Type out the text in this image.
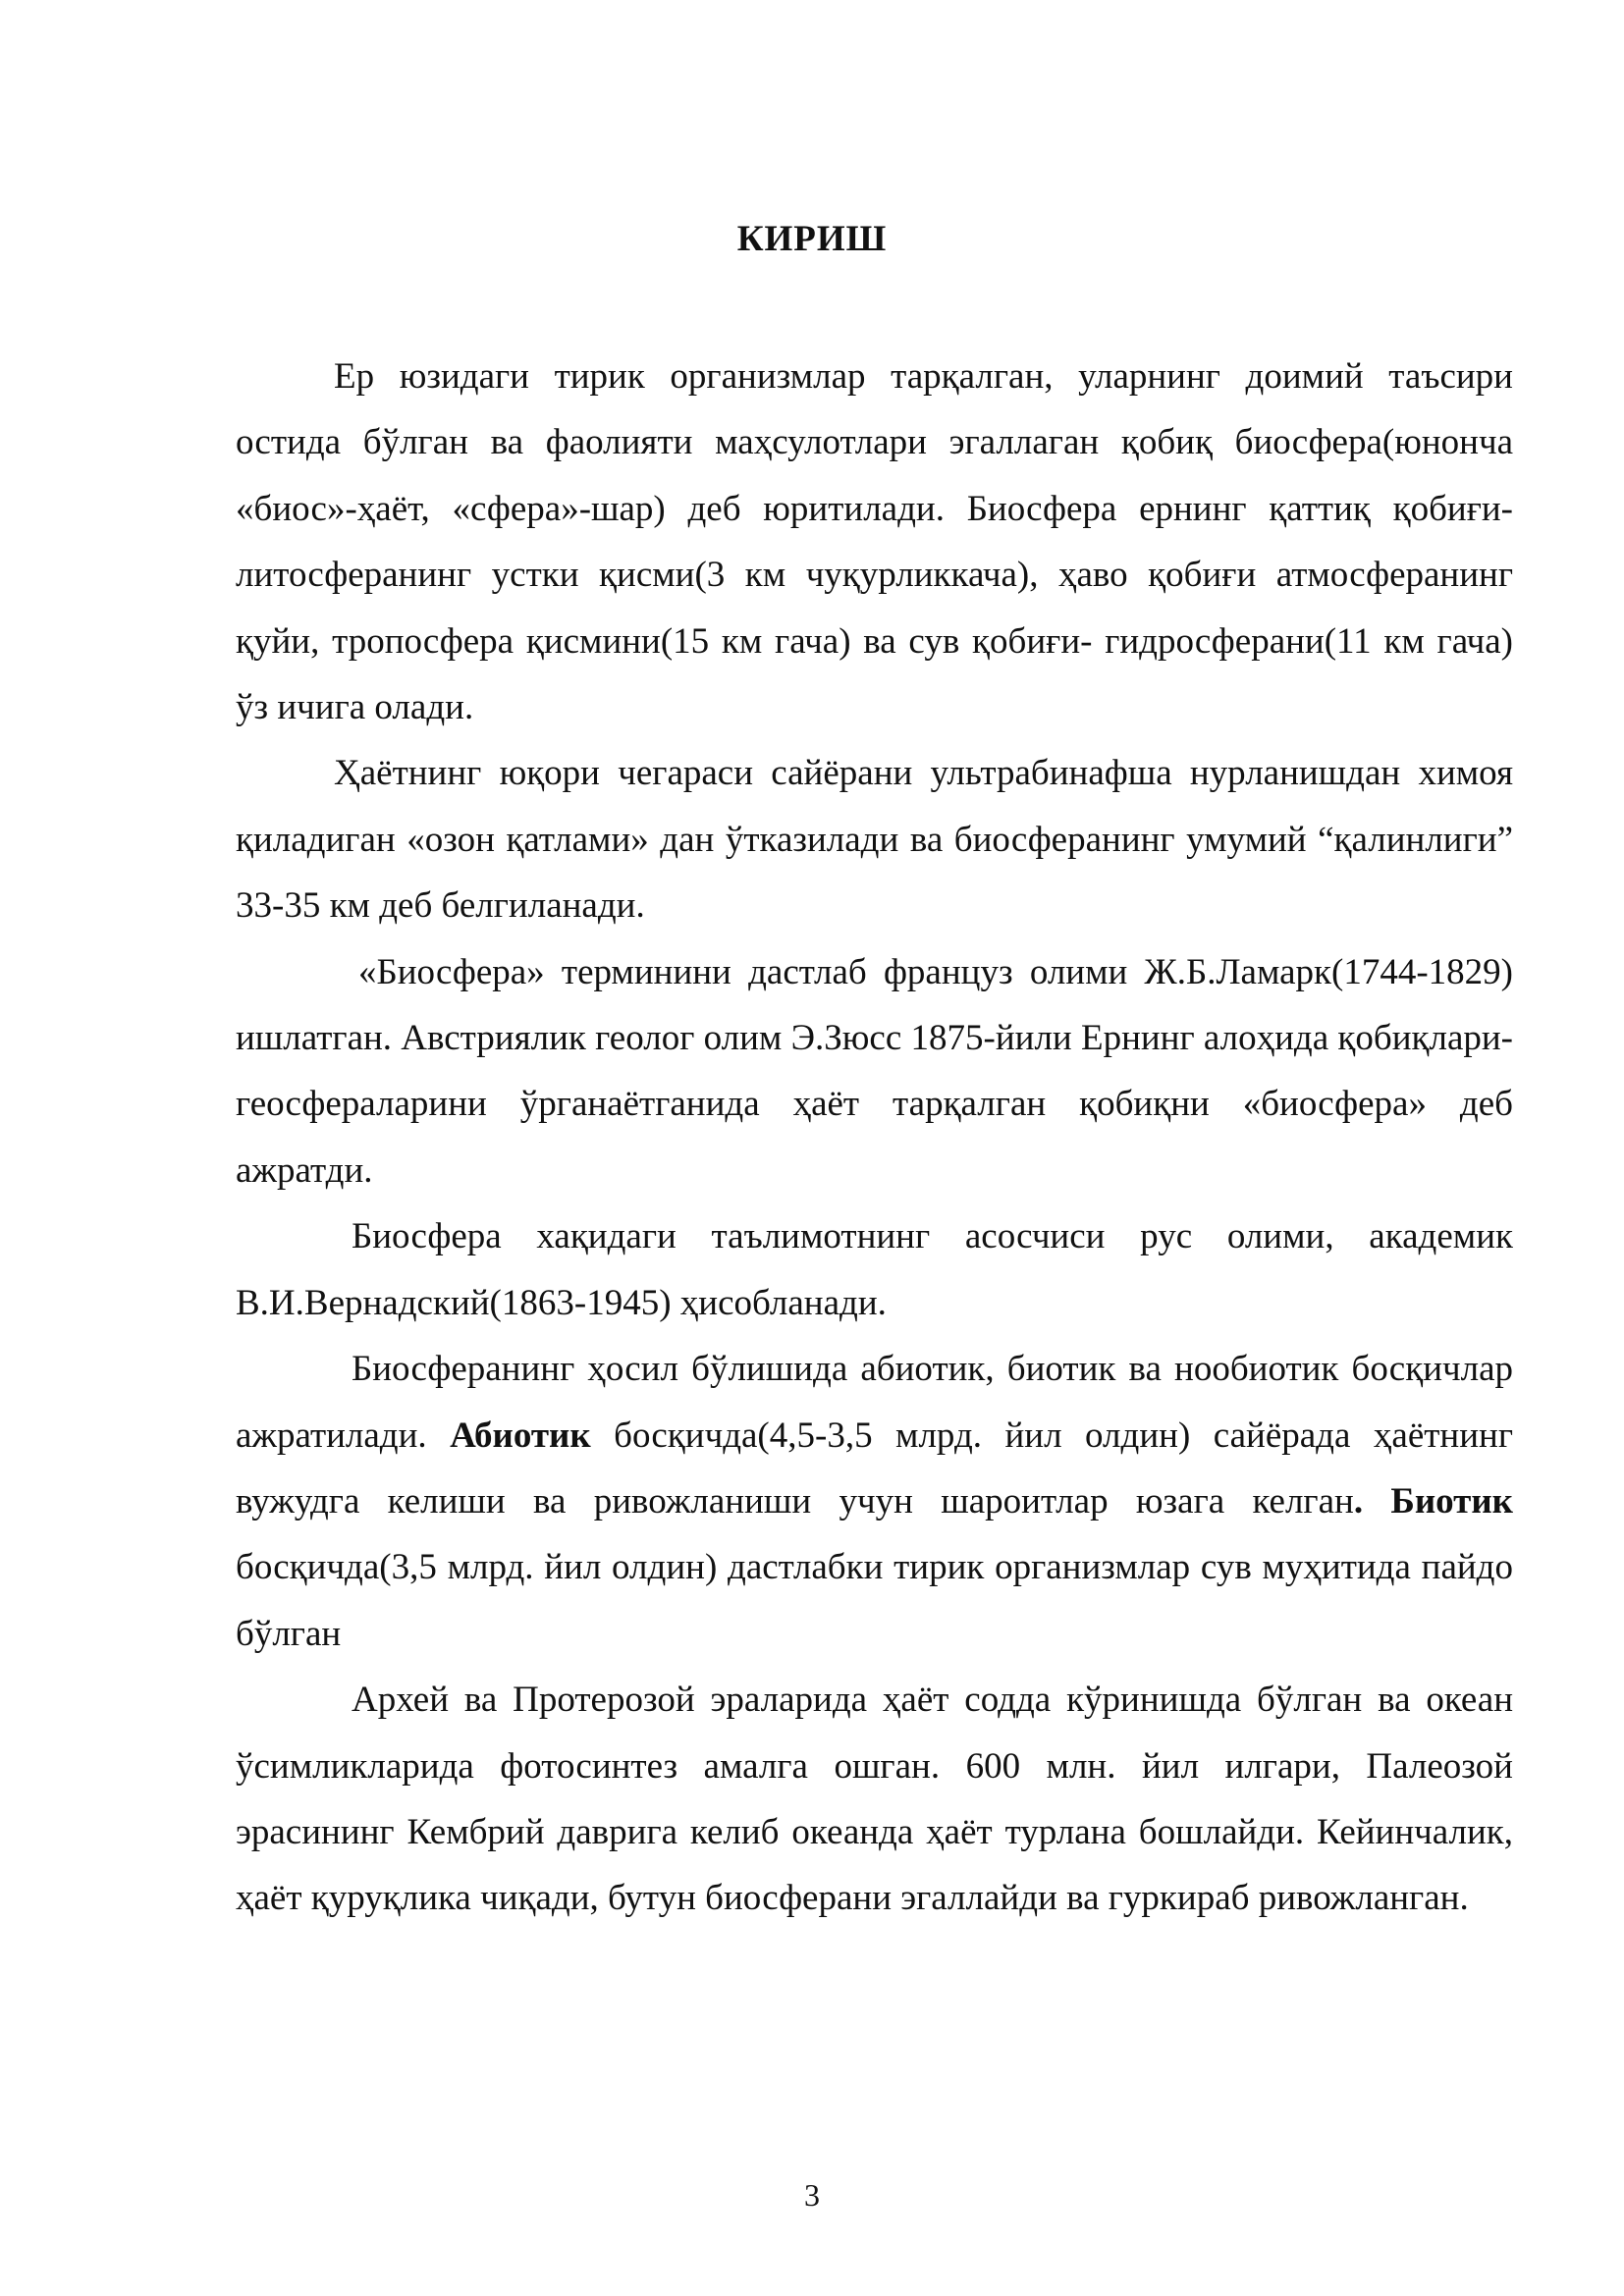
КИРИШ

Ер юзидаги тирик организмлар тарқалган, уларнинг доимий таъсири остида бўлган ва фаолияти маҳсулотлари эгаллаган қобиқ биосфера(юнонча «биос»-ҳаёт, «сфера»-шар) деб юритилади. Биосфера ернинг қаттиқ қобиғи-литосферанинг устки қисми(3 км чуқурликкача), ҳаво қобиғи атмосферанинг қуйи, тропосфера қисмини(15 км гача) ва сув қобиғи- гидросферани(11 км гача) ўз ичига олади.

Ҳаётнинг юқори чегараси сайёрани ультрабинафша нурланишдан химоя қиладиган «озон қатлами» дан ўтказилади ва биосферанинг умумий “қалинлиги” 33-35 км деб белгиланади.

«Биосфера» терминини дастлаб француз олими Ж.Б.Ламарк(1744-1829) ишлатган. Австриялик геолог олим Э.Зюсс 1875-йили Ернинг алоҳида қобиқлари-геосфераларини ўрганаётганида ҳаёт тарқалган қобиқни «биосфера» деб ажратди.

Биосфера хақидаги таълимотнинг асосчиси рус олими, академик В.И.Вернадский(1863-1945) ҳисобланади.

Биосферанинг ҳосил бўлишида абиотик, биотик ва нообиотик босқичлар ажратилади. Абиотик босқичда(4,5-3,5 млрд. йил олдин) сайёрада ҳаётнинг вужудга келиши ва ривожланиши учун шароитлар юзага келган. Биотик босқичда(3,5 млрд. йил олдин) дастлабки тирик организмлар сув муҳитида пайдо бўлган

Архей ва Протерозой эраларида ҳаёт содда кўринишда бўлган ва океан ўсимликларида фотосинтез амалга ошган. 600 млн. йил илгари, Палеозой эрасининг Кембрий даврига келиб океанда ҳаёт турлана бошлайди. Кейинчалик, ҳаёт қуруқлика чиқади, бутун биосферани эгаллайди ва гуркираб ривожланган.

3
